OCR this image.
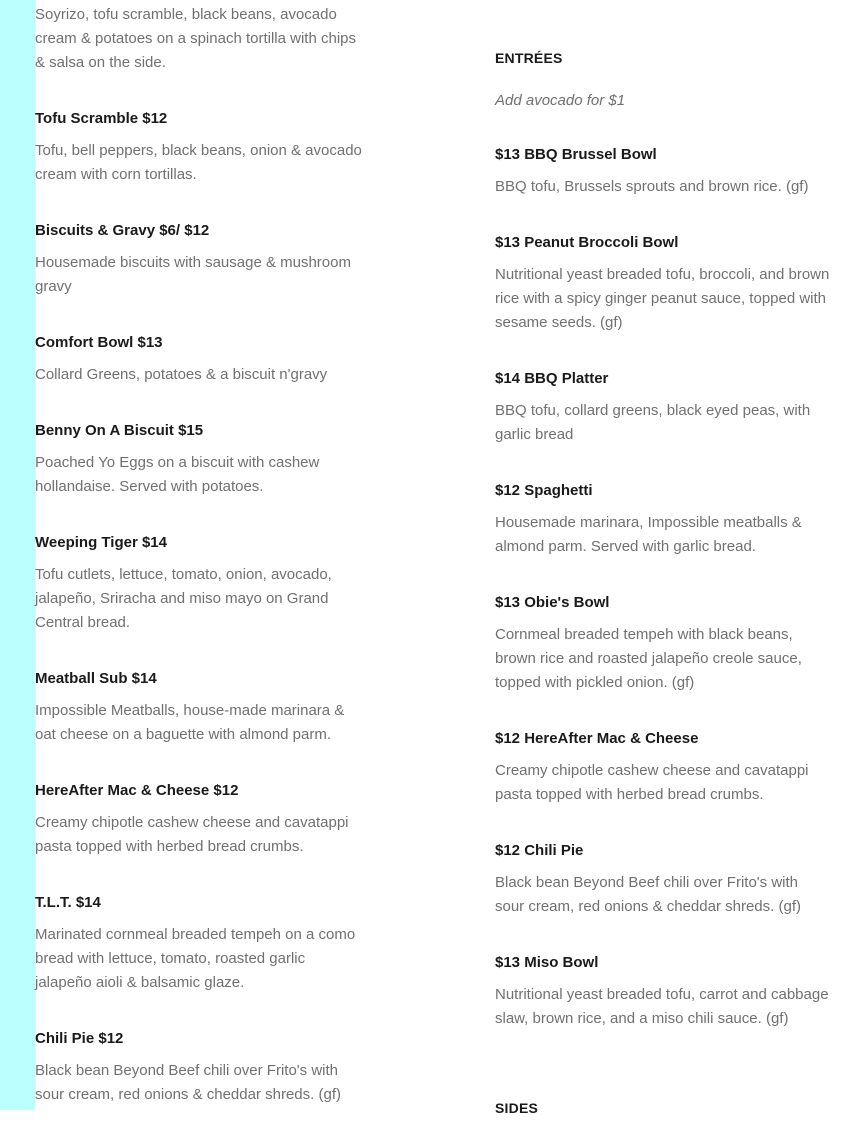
Soyrizo, tofu scramble, black beans, avocado cream & potatoes on a spinach tortilla with chips & salsa on the side.

Tofu Scramble $12

Tofu, bell peppers, black beans, onion & avocado cream with corn tortillas.

Biscuits & Gravy $6/ $12

Housemade biscuits with sausage & mushroom gravy

Comfort Bowl $13

Collard Greens, potatoes & a biscuit n'gravy

Benny On A Biscuit $15

Poached Yo Eggs on a biscuit with cashew hollandaise. Served with potatoes.

Weeping Tiger $14

Tofu cutlets, lettuce, tomato, onion, avocado, jalapeño, Sriracha and miso mayo on Grand Central bread.

Meatball Sub $14

Impossible Meatballs, house-made marinara & oat cheese on a baguette with almond parm.

HereAfter Mac & Cheese $12

Creamy chipotle cashew cheese and cavatappi pasta topped with herbed bread crumbs.

T.L.T. $14

Marinated cornmeal breaded tempeh on a como bread with lettuce, tomato, roasted garlic jalapeño aioli & balsamic glaze.

Chili Pie $12

Black bean Beyond Beef chili over Frito's with sour cream, red onions & cheddar shreds. (gf)

ENTRÉES

Add avocado for $1

$13 BBQ Brussel Bowl

BBQ tofu, Brussels sprouts and brown rice. (gf)

$13 Peanut Broccoli Bowl

Nutritional yeast breaded tofu, broccoli, and brown rice with a spicy ginger peanut sauce, topped with sesame seeds. (gf)

$14 BBQ Platter

BBQ tofu, collard greens, black eyed peas, with garlic bread

$12 Spaghetti

Housemade marinara, Impossible meatballs & almond parm. Served with garlic bread.

$13 Obie's Bowl

Cornmeal breaded tempeh with black beans, brown rice and roasted jalapeño creole sauce, topped with pickled onion. (gf)

$12 HereAfter Mac & Cheese

Creamy chipotle cashew cheese and cavatappi pasta topped with herbed bread crumbs.

$12 Chili Pie

Black bean Beyond Beef chili over Frito's with sour cream, red onions & cheddar shreds. (gf)

$13 Miso Bowl

Nutritional yeast breaded tofu, carrot and cabbage slaw, brown rice, and a miso chili sauce. (gf)

SIDES
